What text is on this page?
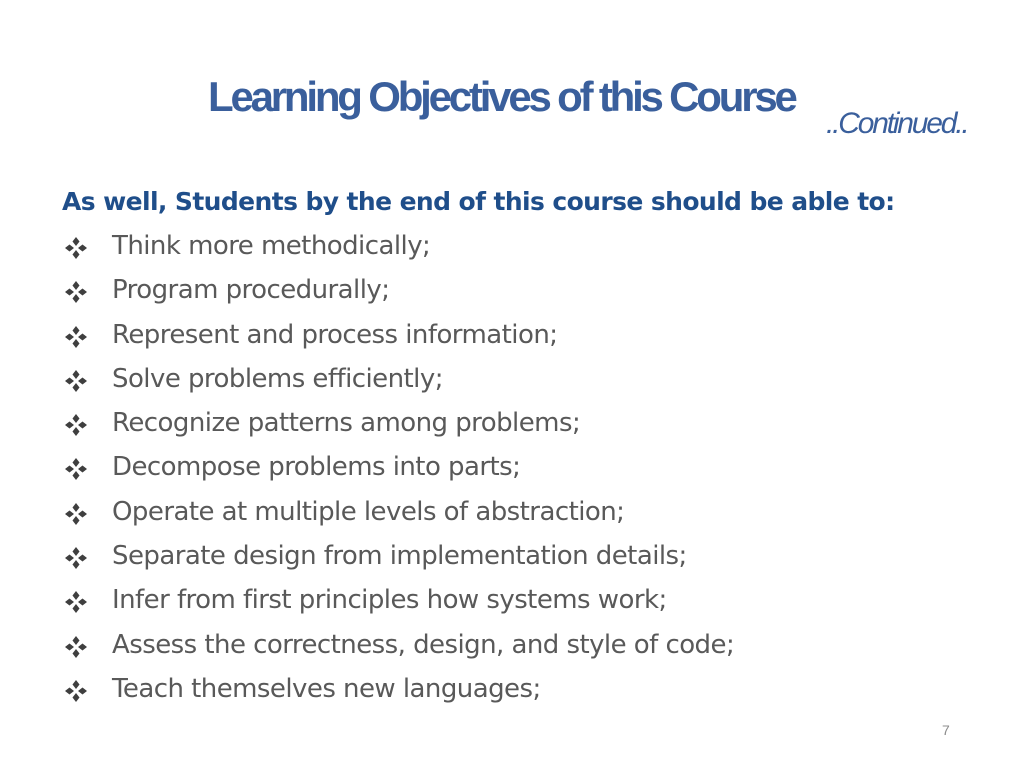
Learning Objectives of this Course
..Continued..
As well, Students by the end of this course should be able to:
Think more methodically;
Program procedurally;
Represent and process information;
Solve problems efficiently;
Recognize patterns among problems;
Decompose problems into parts;
Operate at multiple levels of abstraction;
Separate design from implementation details;
Infer from first principles how systems work;
Assess the correctness, design, and style of code;
Teach themselves new languages;
7
